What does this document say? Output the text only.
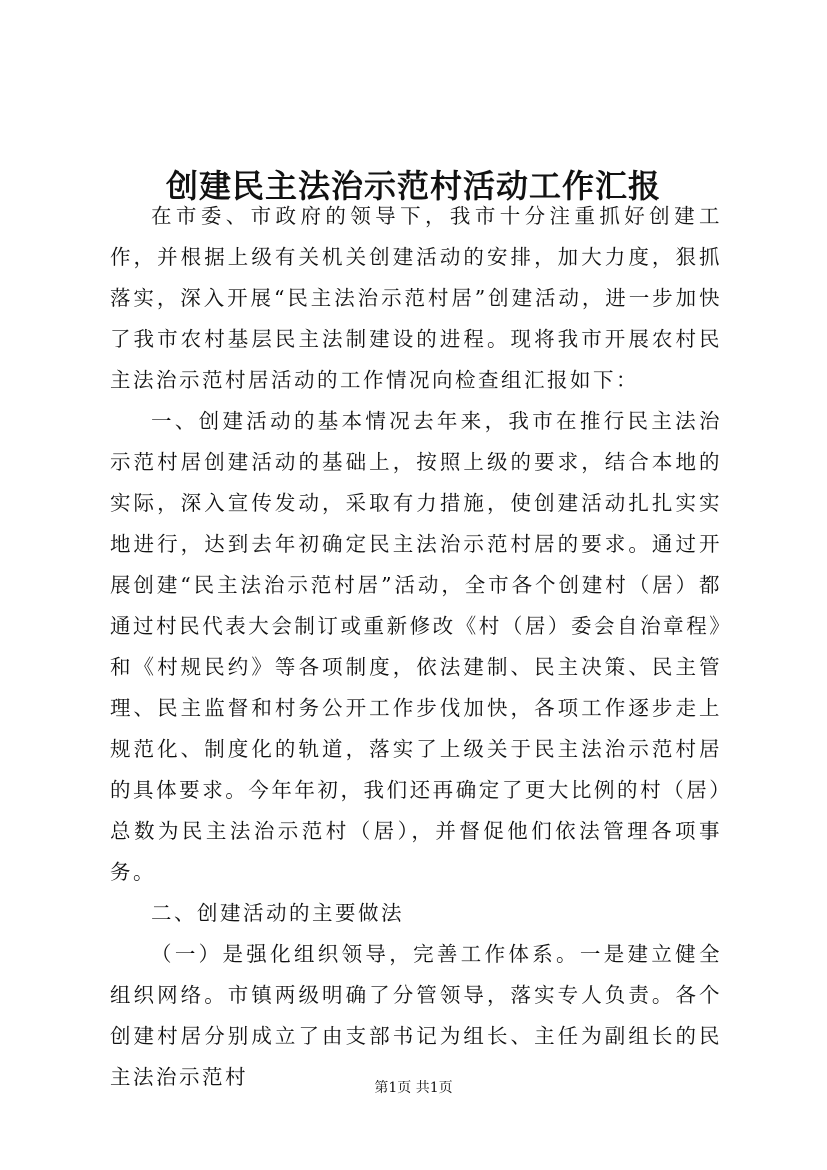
创建民主法治示范村活动工作汇报

在市委、市政府的领导下，我市十分注重抓好创建工作，并根据上级有关机关创建活动的安排，加大力度，狠抓落实，深入开展“民主法治示范村居”创建活动，进一步加快了我市农村基层民主法制建设的进程。现将我市开展农村民主法治示范村居活动的工作情况向检查组汇报如下：

一、创建活动的基本情况去年来，我市在推行民主法治示范村居创建活动的基础上，按照上级的要求，结合本地的实际，深入宣传发动，采取有力措施，使创建活动扎扎实实地进行，达到去年初确定民主法治示范村居的要求。通过开展创建“民主法治示范村居”活动，全市各个创建村（居）都通过村民代表大会制订或重新修改《村（居）委会自治章程》和《村规民约》等各项制度，依法建制、民主决策、民主管理、民主监督和村务公开工作步伐加快，各项工作逐步走上规范化、制度化的轨道，落实了上级关于民主法治示范村居的具体要求。今年年初，我们还再确定了更大比例的村（居）总数为民主法治示范村（居），并督促他们依法管理各项事务。

二、创建活动的主要做法

（一）是强化组织领导，完善工作体系。一是建立健全组织网络。市镇两级明确了分管领导，落实专人负责。各个创建村居分别成立了由支部书记为组长、主任为副组长的民主法治示范村	第1页 共1页
